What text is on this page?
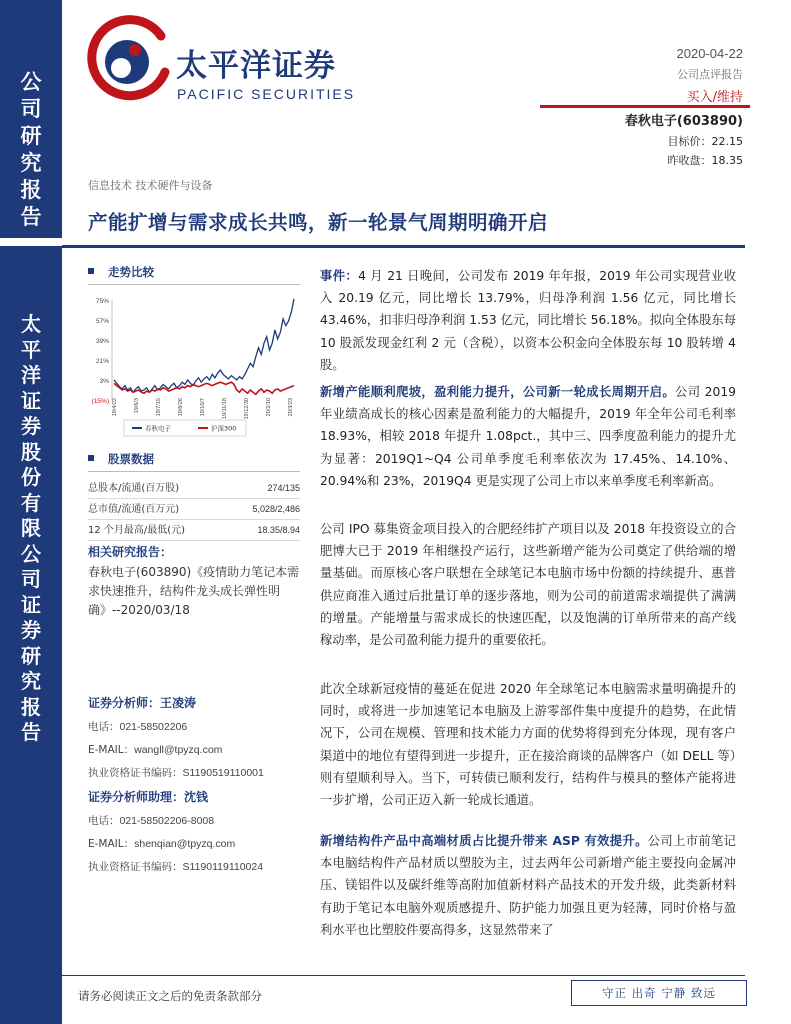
公
司
研
究
报
告
太
平
洋
证
券
股
份
有
限
公
司
证
券
研
究
报
告
太平洋证券
PACIFIC SECURITIES
2020-04-22
公司点评报告
买入/维持
春秋电子(603890)
目标价：22.15
昨收盘：18.35
信息技术 技术硬件与设备
产能扩增与需求成长共鸣，新一轮景气周期明确开启
走势比较
75%
57%
39%
21%
3%
(15%) 19/4/22	19/6/3	19/7/15	19/8/26	19/10/7	19/11/18	19/12/30	20/2/10	20/3/23
春秋电子	沪深300
股票数据
总股本/流通(百万股)	274/135
总市值/流通(百万元)	5,028/2,486
12 个月最高/最低(元)	18.35/8.94
相关研究报告：
春秋电子(603890)《疫情助力笔记本需求快速推升，结构件龙头成长弹性明确》--2020/03/18
证券分析师：王凌涛
电话：021-58502206
E-MAIL：wangll@tpyzq.com
执业资格证书编码：S1190519110001
证券分析师助理：沈钱
电话：021-58502206-8008
E-MAIL：shenqian@tpyzq.com
执业资格证书编码：S1190119110024
事件：4 月 21 日晚间，公司发布 2019 年年报，2019 年公司实现营业收入 20.19 亿元，同比增长 13.79%，归母净利润 1.56 亿元，同比增长 43.46%，扣非归母净利润 1.53 亿元，同比增长 56.18%。拟向全体股东每 10 股派发现金红利 2 元（含税），以资本公积金向全体股东每 10 股转增 4 股。
新增产能顺利爬坡，盈利能力提升，公司新一轮成长周期开启。公司 2019 年业绩高成长的核心因素是盈利能力的大幅提升，2019 年全年公司毛利率 18.93%，相较 2018 年提升 1.08pct.，其中三、四季度盈利能力的提升尤为显著：2019Q1~Q4 公司单季度毛利率依次为 17.45%、14.10%、20.94%和 23%，2019Q4 更是实现了公司上市以来单季度毛利率新高。
公司 IPO 募集资金项目投入的合肥经纬扩产项目以及 2018 年投资设立的合肥博大已于 2019 年相继投产运行，这些新增产能为公司奠定了供给端的增量基础。而原核心客户联想在全球笔记本电脑市场中份额的持续提升、惠普供应商准入通过后批量订单的逐步落地，则为公司的前道需求端提供了满满的增量。产能增量与需求成长的快速匹配，以及饱满的订单所带来的高产线稼动率，是公司盈利能力提升的重要依托。
此次全球新冠疫情的蔓延在促进 2020 年全球笔记本电脑需求量明确提升的同时，或将进一步加速笔记本电脑及上游零部件集中度提升的趋势，在此情况下，公司在规模、管理和技术能力方面的优势将得到充分体现，现有客户渠道中的地位有望得到进一步提升，正在接洽商谈的品牌客户（如 DELL 等）则有望顺利导入。当下，可转债已顺利发行，结构件与模具的整体产能将进一步扩增，公司正迈入新一轮成长通道。
新增结构件产品中高端材质占比提升带来 ASP 有效提升。公司上市前笔记本电脑结构件产品材质以塑胶为主，过去两年公司新增产能主要投向金属冲压、镁铝件以及碳纤维等高附加值新材料产品技术的开发升级，此类新材料有助于笔记本电脑外观质感提升、防护能力加强且更为轻薄，同时价格与盈利水平也比塑胶件要高得多，这显然带来了
请务必阅读正文之后的免责条款部分	守正 出奇 宁静 致远
